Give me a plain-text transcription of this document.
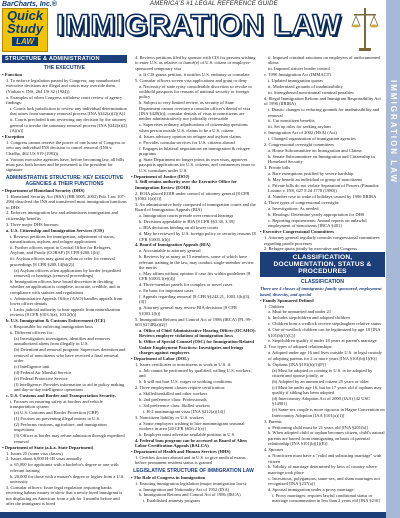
BarCharts, Inc.®	AMERICA'S #1 LEGAL REFERENCE GUIDE
Quick
Study
LAW IMMIGRATION LAW
IMMIGRATION LAW
STRUCTURE & ADMINISTRATION
THE EXECUTIVE
• Function
1. To enforce legislation passed by Congress; any unauthorized executive decisions are illegal and courts may override them (Yiulian v. INS, 264 US 32 (1924))
a. Examples of when Congress withdrew court review of agency findings:
i. Courts lack jurisdiction to review any individual determination that arises from summary removal process [INA §242(a)(2)(A)]
ii. Courts precluded from reviewing any decision by the attorney general to invoke the summary removal process [INA §242(a)(2)(A)(ii)]
• Exception
1. Congress cannot reserve the power of one house of Congress to veto any individual INS decision to cancel removal (INS v. Chadha, 462 US 919 (1983))
a. Various executive agencies have, before becoming law, all bills must pass both houses and be presented to the president for signature
ADMINISTRATIVE STRUCTURE: KEY EXECUTIVE AGENCIES & THEIR FUNCTIONS
• Department of Homeland Security (DHS)
1. Homeland Security Act (HSA) (HR 5005, 2002) Pub. Law 107-296) dissolved the INS and transferred most immigration functions to DHS
2. Enforces immigration law and administers immigration and citizenship benefits
3. Three major DHS bureaus:
a. U.S. Citizenship and Immigration Services (CIS)
i. Reviews petitions for immigration, adjustment of status, naturalization, asylum, and refugee applications
ii. Further officers report to Central Office for Refugees, Asylum, and Parole (CORAP) [8 CFR §208.1(b)]
iii. Asylum officers may grant asylum or refer for removal proceedings [8 CFR §208.14(b)(2)]
(a) Asylum officers often applications by border (expedited removal) or hearings (removal proceedings)
b. Immigration officers have broad discretion in deciding whether an application is complete, accurate, credible, and in compliance with statutes and regulations
c. Administrative Appeals Office (AAO) handles appeals from lower officer denials
i. Lacks judicial authority to hear appeals from naturalization reviews [8 CFR §103.3(a), 103.2(b)]
b. U.S. Immigration & Customs Enforcement (ICE)
i. Responsible for enforcing immigration laws
ii. Different officers for:
(a) Investigation: investigates, identifies and removes unauthorized aliens from illegally in U.S.
(b) Detention and removal program: Supervises detention and removal of noncitizens who have received a final removal order
(c) Intelligence unit
(d) Federal Air Marshal Service
(e) Federal Protective Service
(f) Intelligence: Provides information to aid in policy making and day-to-day intelligence operations
c. U.S. Customs and Border and Transportation Security.
i. Focuses on ensuring safety at borders and vehicle transportation system
(a) U.S. Customs and Border Protection (CBP)
(1) Focuses on preventing illegal entries to U.S.
(2) Performs customs, agriculture, and immigration inspections
(3) Officer at border may refuse admission through expedited removal
• Department of State (a.k.a. State Department)
1. Issues 25 (some visa classes)
2. Issues about 6,000 H-1B visas annually
a. 65,000 for applicants with a bachelor's degree or one with relevant training
b. 20,000 for those with a master's degree or higher from a U.S. university
3. Consular officers: Issue legal regulation requiring banks receiving habeas money to show that a newly hired immigrant is not displacing an American from a job for 3 months before and after the immigrant is hired
4. Reviews petitions filed by sponsor with CIS for persons wishing to enter U.S. as relative or fiancé(e) of U.S. citizen or employer-sponsored temporary visa
a. If CIS grants petition, it notifies U.S. embassy or consulate
5. Consular officers screen visa applications and grant or deny
a. Necessity of state ryasy considerable discretion so revoke or withhold passports for reasons of national security or foreign policy
b. Subject to very limited review, as security of State Department cannot overturn a consular officer's denial of visa [INA §428(b)]; consular denials of visas to noncitizens are neither administratively nor judicially reviewable
c. Supervises ordinary adjudications of citizenship questions when person outside U.S. claims to be a U.S. citizen
d. Issues advisory opinion on refugee and asylum claims
e. Provides consular services for U.S. citizens abroad
f. Engages in bilateral negotiations on immigration & refugee programs
g. State Department no longer prints its own visas, approves passports applications for U.S. citizens, and commences issue to U.S. consulates under U.S.
• Department of Justice (DOJ)
1. Still retains authority over the Executive Office for Immigration Review (EOIR)
2. EOIA placed EOIR under control of attorney general [8 CFR §1003.1(a)(1)]
3. An administrative body composed of immigration courts and the Board of Immigration Appeals (BIA)
a. Immigration courts preside over removal hearings
b. Decisions appealable to BIA [8 CFR §§3.38, 3.39]
c. BIA decisions binding on all lower courts
d. May be reviewed by U.S. foreign policy or security reasons [8 CFR §1003.1(h)]
4. Board of Immigration Appeals (BIA)
a. Accountable to attorney general
b. Reviews by as many as 15 members, some of which have relevant training in the law, may conduct single-member review the merits
c. May affirm without opinion if case fits within guidelines [8 CFR §1003.1(e)(4)]
d. Three-member panels for complex or novel cases
e. En banc for important cases
f. Appeals regarding removal [8 CFR §§242.21, 1003.1(b)(3), (4)]
g. Attorney general may review BIA decisions [8 CFR §1003.1(h)]
5. Immigration Reform and Control Act of 1986 (IRCA) [PL 99-603 §274B(a)(2)]
a. Office of Chief Administrative Hearing Officer (OCAHO): Reviews employer violations of immigration laws
b. Office of Special Counsel (OSC) for Immigration-Related Unfair Employment Practices: Investigates and brings charges against employers
• Department of Labor (DOL)
1. Issues certificates to noncitizens to work in U.S. if:
a. Job cannot be performed by qualified, willing U.S. workers; and
b. It will not hurt U.S. wages or working conditions
2. Three employment classes require certification:
a. Skilled/unskilled and other workers
b. 2nd preference class: Professionals
c. 3rd preference class: Skilled workers
i. H-2 nonimmigrant visas [INA §212(a)(14)]
3. Noncitizen liability or U.S. workers
a. Some employers wishing to hire nonimmigrant seasonal workers in area [20 CFR §656.21(e)]
b. Employer must advertise available position in U.S.
4. Federal loan program can be accessed as Board of Alien Labor Certification Appeals (BALCA)
• Department of Health and Human Services (HHS)
1. Certifies doctors abroad and in U.S. to give medical exams before permanent resident status is granted
LEGISLATIVE STRUCTURE OF IMMIGRATION LAW
• The Role of Congress in Immigration
1. Enacting immigration legislation (major immigration laws):
a. Immigration and Nationality Act of 1952 (INA)
b. Immigration Reform and Control Act of 1986 (IRCA)
i. Established amnesty program
ii. Imposed criminal sanctions on employers of undocumented aliens
iii. Imposed stricter border control
c. 1990 Immigration Act (IMMACT)
i. Updated immigration quotas
ii. Modernized grounds of inadmissibility
iii. Strengthened noncriminal criminal penalties
d. Illegal Immigration Reform and Immigrant Responsibility Act of 1996 (IIRIRA)
i. Drastic changes to reducing grounds for inadmissibility and removal
ii. Cut noncitizen benefits
iii. Set up rules for seeking asylum
e. Immigration Act of 2002 (HSA) (Act)
i. Changed organization of immigration agencies
2. Congressional oversight committees
a. House Subcommittee on Immigration and Claims
b. Senate Subcommittee on Immigration and Citizenship in Homeland Security
3. Private bills
a. Rare exemptions justified by severe hardship
b. May benefit an individual or group of noncitizens
c. Private bills do not violate Separation of Powers (Pinandoz Lozano v. INS, 627 F.2d 1778 (1980))
d. Number rose in wake of holidays caused by 1996 IIRIRA
4. Three types of congressional oversight:
a. Investigations: As needed
b. Hearings: Determine yearly appropriation for DHS
c. Reporting requirements: Annual reports on unlawful employment of noncitizens [IRCA §401]
• Executive Congressional Committees
1. Attorney general regularly consults congressional committees regarding parole processes
2. Refugee quota jointly by executive and Congress
CLASSIFICATION, DOCUMENTATION, STATUS & PROCEDURES
CLASSIFICATION
There are 4 classes of immigrants: family sponsored, employment based, diversity, and special
• Family Sponsored Defined
1. Children
a. Must be unmarried and under 21
b. Includes stepchildren and adopted children
c. Children born a wedlock receive stepdaughter relative status
d. Out-of-wedlock children can be legitimized by age 18 [INA §101(b)(1)(C)]
e. Stepchildren qualify if under 18 years at parent's marriage
2. Two types of adopted relationships:
a. Adopted under age 16 and lives outside U.S. in legal custody of adopting parents for 2 or more years [INA §101(b)(1)(E)]
b. Orphans [INA §101(b)(1)(F)]
(a) Must be adopted or coming to U.S. to be adopted by citizen and spouse jointly, or
(b) Adopted by an unmarried citizen 25 years or older
(c) Must be under age 16, but be 17 years old if orphans may qualify if sibling has been adopted
(d) Intercountry Adoption Act of 2000 (IAA) [42 USC §14901]
(e) Same-sex couple is more rigorous in Hague Convention on Intercountry Adoption [IAA §101(a)(1)]
3. Parents
a. Petitioning child must be 21 years old [INA §201(b)]
b. When adopted child or orphan becomes citizen, child's natural parents are barred from immigrating on basis of parental relationship [INA §101(b)(1)(E)]
4. Spouses
a. Noncitizen must have a "valid and subsisting marriage" with citizen
b. Validity of marriage determined by laws of country where marriage took place
c. Incestuous, polygamous, same-sex, and sham marriages not recognized [INA §237(a)]
d. Spousal immigration under a proxy marriage:
i. Proxy marriages: requires lawful conditional status or marriage consummation in less than 2 years old [INA §216]
